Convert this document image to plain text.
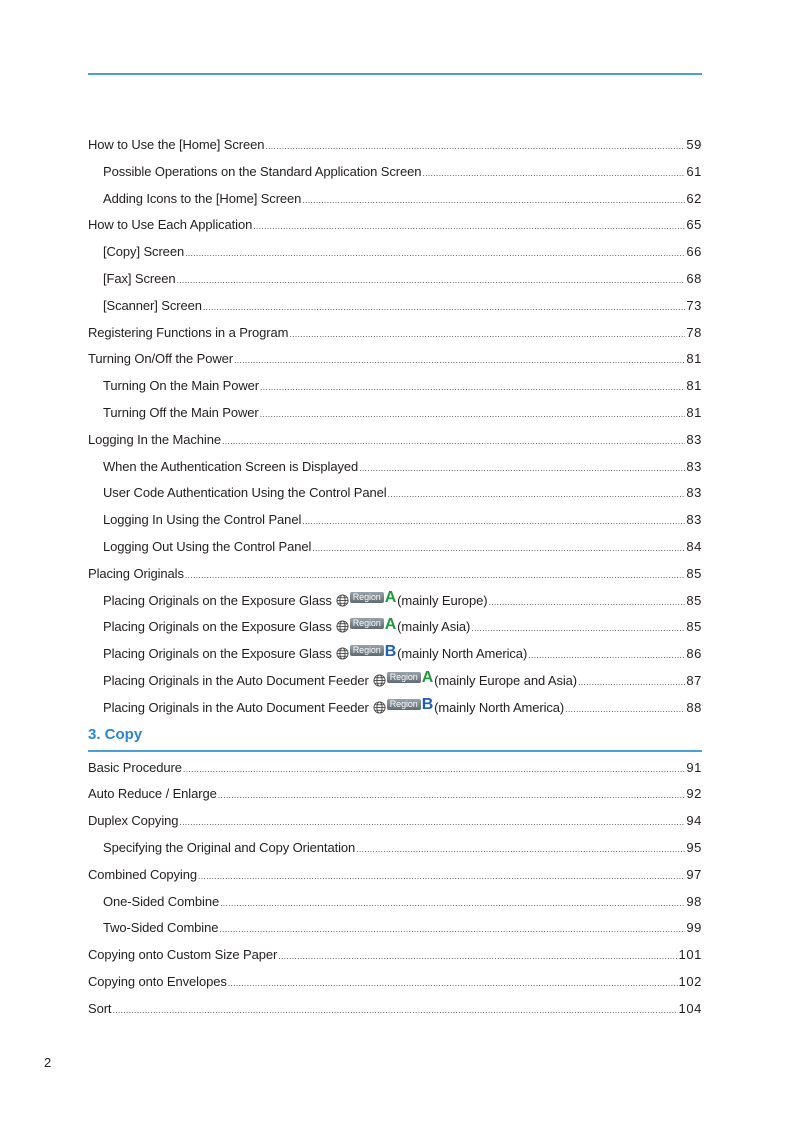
How to Use the [Home] Screen .....	59
Possible Operations on the Standard Application Screen .....	61
Adding Icons to the [Home] Screen .....	62
How to Use Each Application .....	65
[Copy] Screen .....	66
[Fax] Screen .....	68
[Scanner] Screen .....	73
Registering Functions in a Program .....	78
Turning On/Off the Power .....	81
Turning On the Main Power .....	81
Turning Off the Main Power .....	81
Logging In the Machine .....	83
When the Authentication Screen is Displayed .....	83
User Code Authentication Using the Control Panel .....	83
Logging In Using the Control Panel .....	83
Logging Out Using the Control Panel .....	84
Placing Originals .....	85
Placing Originals on the Exposure Glass	Region A (mainly Europe) .....	85
Placing Originals on the Exposure Glass	Region A (mainly Asia) .....	85
Placing Originals on the Exposure Glass	Region B (mainly North America) .....	86
Placing Originals in the Auto Document Feeder	Region A (mainly Europe and Asia) .....	87
Placing Originals in the Auto Document Feeder	Region B (mainly North America) .....	88
3. Copy
Basic Procedure .....	91
Auto Reduce / Enlarge .....	92
Duplex Copying .....	94
Specifying the Original and Copy Orientation .....	95
Combined Copying .....	97
One-Sided Combine .....	98
Two-Sided Combine .....	99
Copying onto Custom Size Paper .....	101
Copying onto Envelopes .....	102
Sort .....	104
2
